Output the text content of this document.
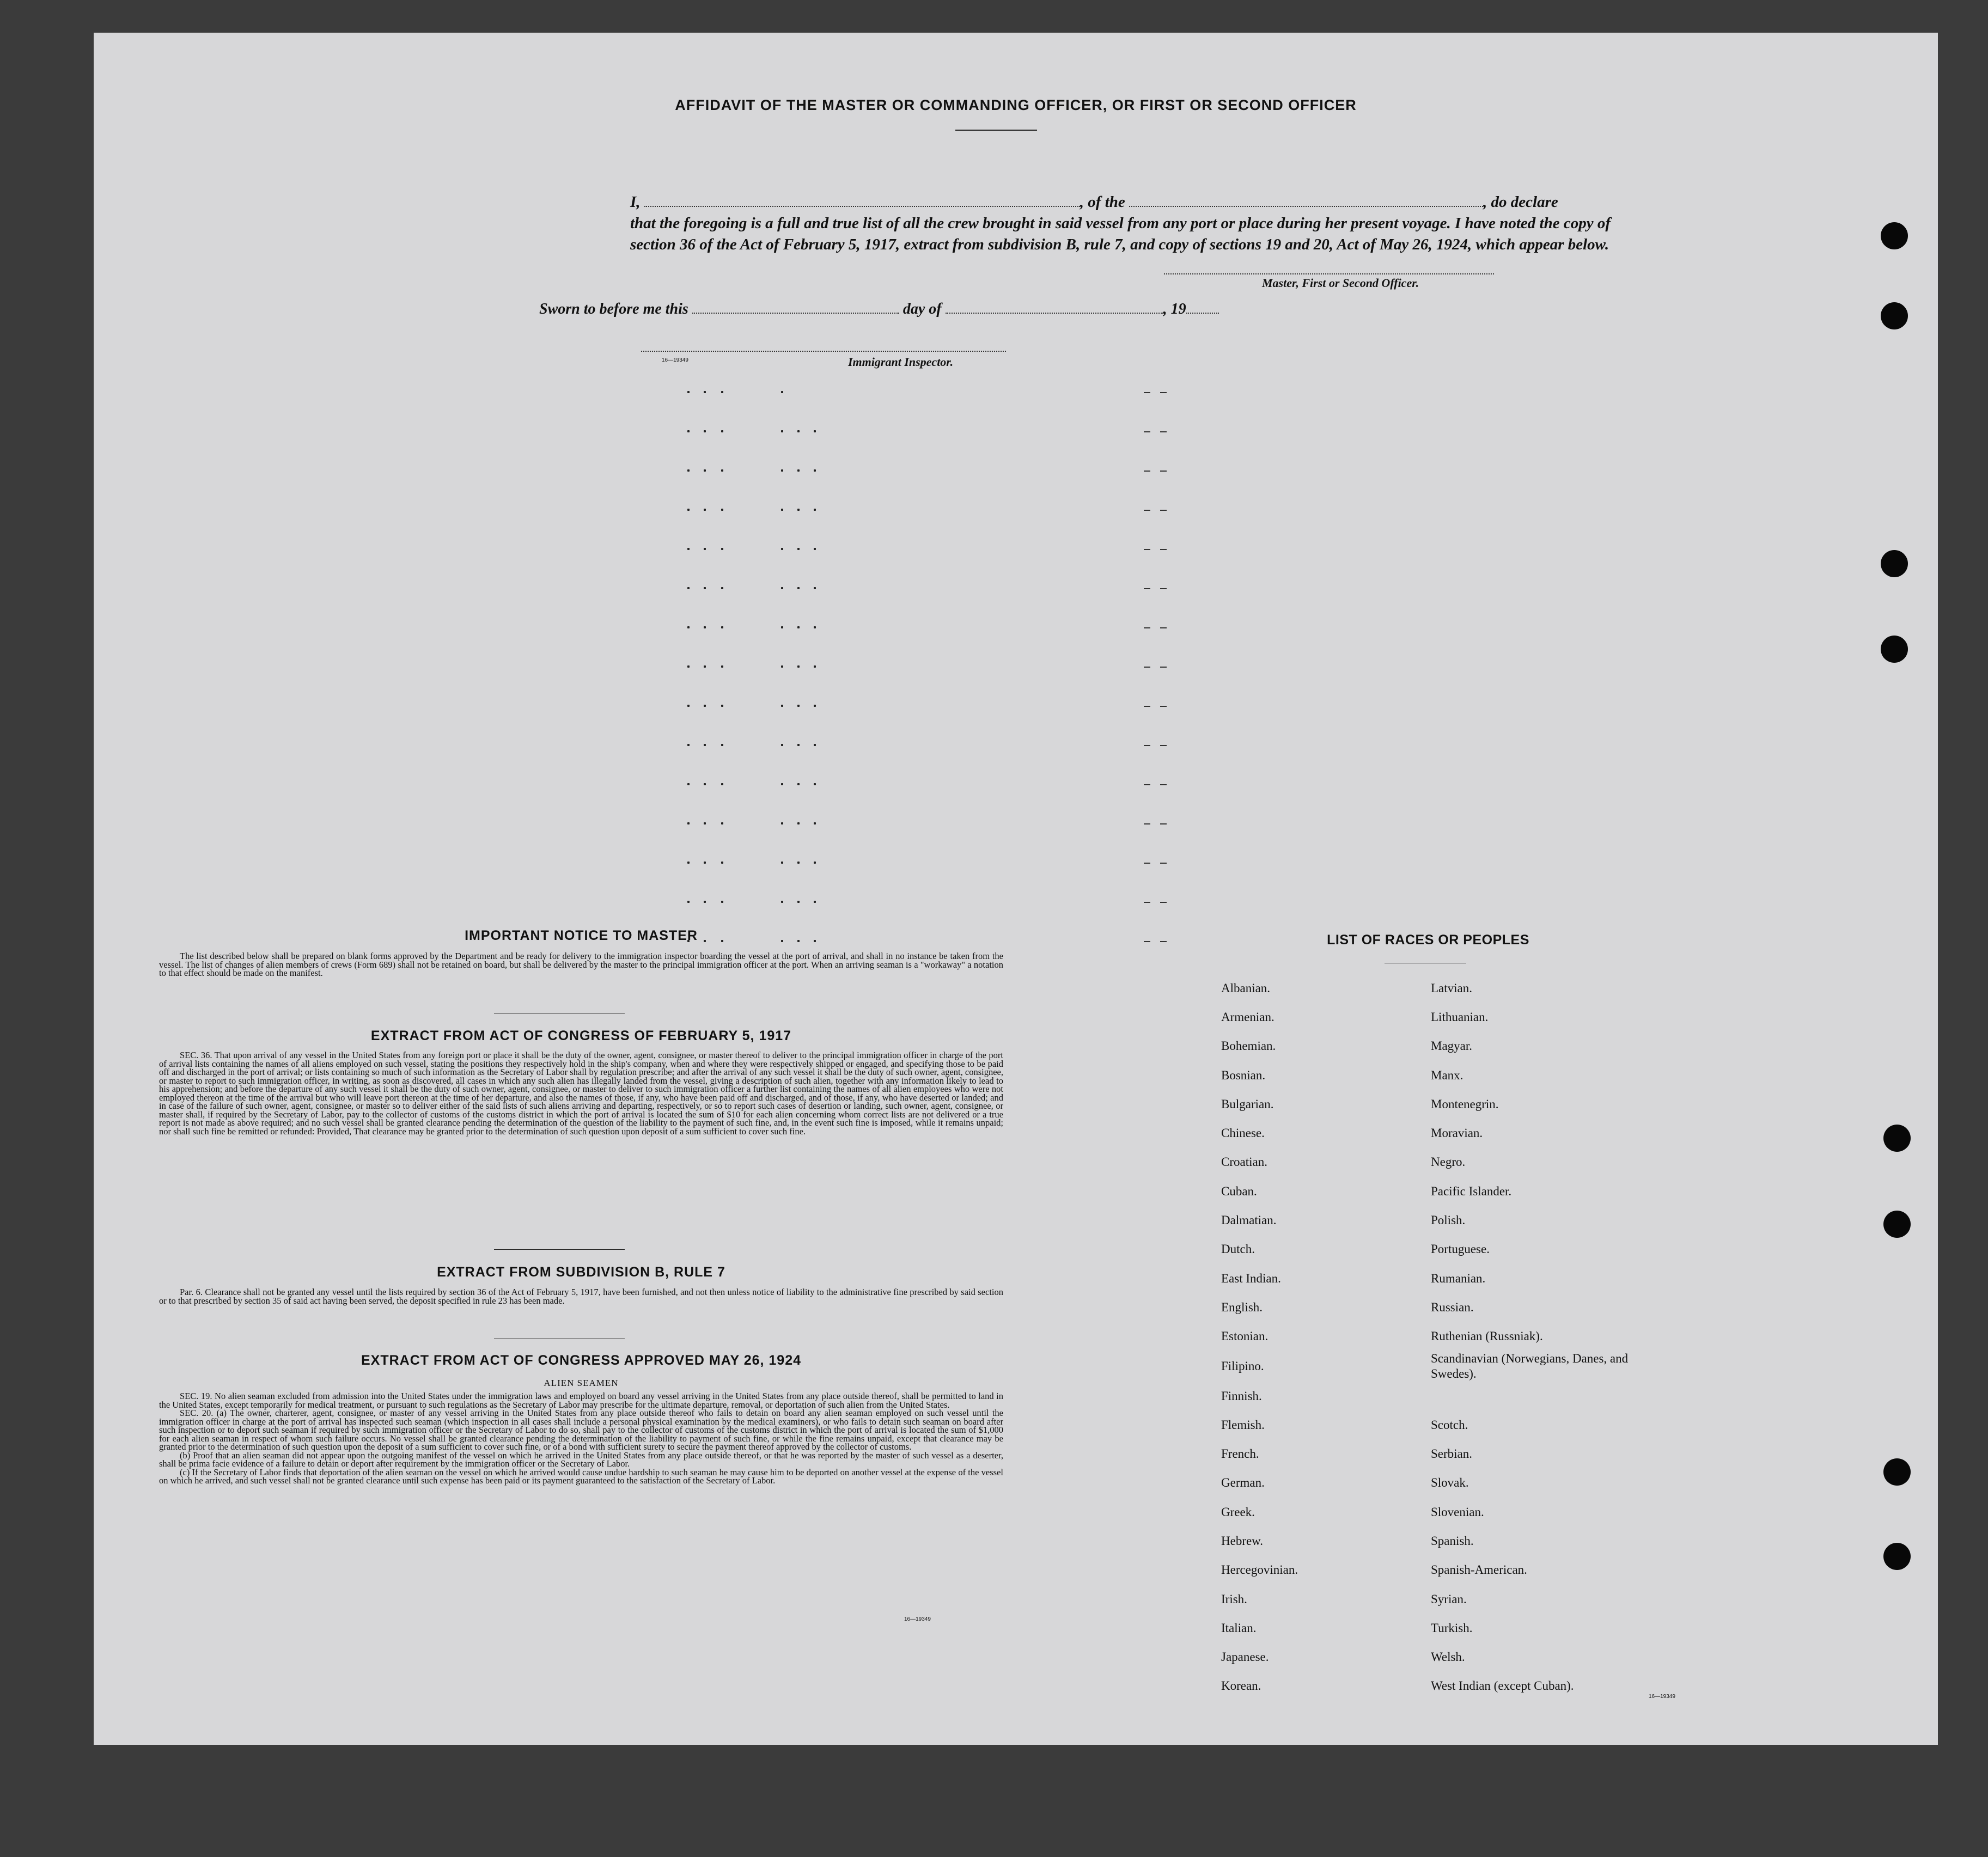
AFFIDAVIT OF THE MASTER OR COMMANDING OFFICER, OR FIRST OR SECOND OFFICER
I,	, of the	, do declare
that the foregoing is a full and true list of all the crew brought in said vessel from any port or place during her present voyage. I have noted the copy of section 36 of the Act of February 5, 1917, extract from subdivision B, rule 7, and copy of sections 19 and 20, Act of May 26, 1924, which appear below.
Master, First or Second Officer.
Sworn to before me this	day of	, 19
16—19349	Immigrant Inspector.
IMPORTANT NOTICE TO MASTER

The list described below shall be prepared on blank forms approved by the Department and be ready for delivery to the immigration inspector boarding the vessel at the port of arrival, and shall in no instance be taken from the vessel. The list of changes of alien members of crews (Form 689) shall not be retained on board, but shall be delivered by the master to the principal immigration officer at the port. When an arriving seaman is a "workaway" a notation to that effect should be made on the manifest.

EXTRACT FROM ACT OF CONGRESS OF FEBRUARY 5, 1917

SEC. 36. That upon arrival of any vessel in the United States from any foreign port or place it shall be the duty of the owner, agent, consignee, or master thereof to deliver to the principal immigration officer in charge of the port of arrival lists containing the names of all aliens employed on such vessel, stating the positions they respectively hold in the ship's company, when and where they were respectively shipped or engaged, and specifying those to be paid off and discharged in the port of arrival; or lists containing so much of such information as the Secretary of Labor shall by regulation prescribe; and after the arrival of any such vessel it shall be the duty of such owner, agent, consignee, or master to report to such immigration officer, in writing, as soon as discovered, all cases in which any such alien has illegally landed from the vessel, giving a description of such alien, together with any information likely to lead to his apprehension; and before the departure of any such vessel it shall be the duty of such owner, agent, consignee, or master to deliver to such immigration officer a further list containing the names of all alien employees who were not employed thereon at the time of the arrival but who will leave port thereon at the time of her departure, and also the names of those, if any, who have been paid off and discharged, and of those, if any, who have deserted or landed; and in case of the failure of such owner, agent, consignee, or master so to deliver either of the said lists of such aliens arriving and departing, respectively, or so to report such cases of desertion or landing, such owner, agent, consignee, or master shall, if required by the Secretary of Labor, pay to the collector of customs of the customs district in which the port of arrival is located the sum of $10 for each alien concerning whom correct lists are not delivered or a true report is not made as above required; and no such vessel shall be granted clearance pending the determination of the question of the liability to the payment of such fine, and, in the event such fine is imposed, while it remains unpaid; nor shall such fine be remitted or refunded: Provided, That clearance may be granted prior to the determination of such question upon deposit of a sum sufficient to cover such fine.

EXTRACT FROM SUBDIVISION B, RULE 7

Par. 6. Clearance shall not be granted any vessel until the lists required by section 36 of the Act of February 5, 1917, have been furnished, and not then unless notice of liability to the administrative fine prescribed by said section or to that prescribed by section 35 of said act having been served, the deposit specified in rule 23 has been made.

EXTRACT FROM ACT OF CONGRESS APPROVED MAY 26, 1924
ALIEN SEAMEN

SEC. 19. No alien seaman excluded from admission into the United States under the immigration laws and employed on board any vessel arriving in the United States from any place outside thereof, shall be permitted to land in the United States, except temporarily for medical treatment, or pursuant to such regulations as the Secretary of Labor may prescribe for the ultimate departure, removal, or deportation of such alien from the United States.

SEC. 20. (a) The owner, charterer, agent, consignee, or master of any vessel arriving in the United States from any place outside thereof who fails to detain on board any alien seaman employed on such vessel until the immigration officer in charge at the port of arrival has inspected such seaman (which inspection in all cases shall include a personal physical examination by the medical examiners), or who fails to detain such seaman on board after such inspection or to deport such seaman if required by such immigration officer or the Secretary of Labor to do so, shall pay to the collector of customs of the customs district in which the port of arrival is located the sum of $1,000 for each alien seaman in respect of whom such failure occurs. No vessel shall be granted clearance pending the determination of the liability to payment of such fine, or while the fine remains unpaid, except that clearance may be granted prior to the determination of such question upon the deposit of a sum sufficient to cover such fine, or of a bond with sufficient surety to secure the payment thereof approved by the collector of customs.

(b) Proof that an alien seaman did not appear upon the outgoing manifest of the vessel on which he arrived in the United States from any place outside thereof, or that he was reported by the master of such vessel as a deserter, shall be prima facie evidence of a failure to detain or deport after requirement by the immigration officer or the Secretary of Labor.

(c) If the Secretary of Labor finds that deportation of the alien seaman on the vessel on which he arrived would cause undue hardship to such seaman he may cause him to be deported on another vessel at the expense of the vessel on which he arrived, and such vessel shall not be granted clearance until such expense has been paid or its payment guaranteed to the satisfaction of the Secretary of Labor.

16—19349
LIST OF RACES OR PEOPLES
Albanian.	Latvian.
Armenian.	Lithuanian.
Bohemian.	Magyar.
Bosnian.	Manx.
Bulgarian.	Montenegrin.
Chinese.	Moravian.
Croatian.	Negro.
Cuban.	Pacific Islander.
Dalmatian.	Polish.
Dutch.	Portuguese.
East Indian.	Rumanian.
English.	Russian.
Estonian.	Ruthenian (Russniak).
Filipino.	Scandinavian (Norwegians, Danes, and Swedes).
Finnish.	
Flemish.	Scotch.
French.	Serbian.
German.	Slovak.
Greek.	Slovenian.
Hebrew.	Spanish.
Hercegovinian.	Spanish-American.
Irish.	Syrian.
Italian.	Turkish.
Japanese.	Welsh.
Korean.	West Indian (except Cuban).
16—19349
